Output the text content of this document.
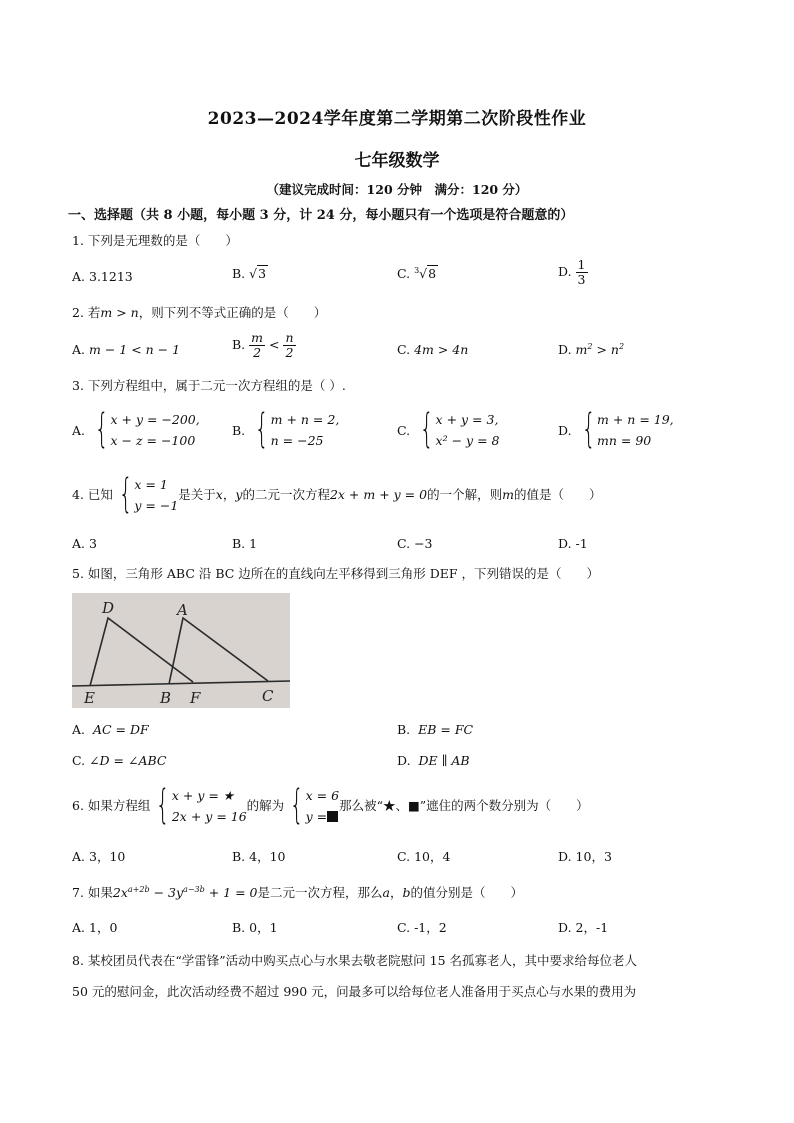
2023—2024学年度第二学期第二次阶段性作业
七年级数学
（建议完成时间：120 分钟　满分：120 分）
一、选择题（共 8 小题，每小题 3 分，计 24 分，每小题只有一个选项是符合题意的）
1. 下列是无理数的是（　　）
A. 3.1213	B. √3	C. $^3$√8	D. $\frac{1}{3}$
2. 若m > n，则下列不等式正确的是（　　）
A. m − 1 < n − 1	B. $\frac{m}{2} < \frac{n}{2}$	C. 4m > 4n	D. $m^2 > n^2$
3. 下列方程组中，属于二元一次方程组的是（ ）.
A. { x + y = −200,
x − z = −100
B. { m + n = 2,
n = −25
C. { x + y = 3,
x² − y = 8
D. { m + n = 19,
mn = 90
4. 已知 { x = 1
y = −1
是关于 x ， y 的二元一次方程 2x + m + y = 0 的一个解，则 m 的值是（　　）
A. 3	B. 1	C. −3	D. -1
5. 如图，三角形 ABC 沿 BC 边所在的直线向左平移得到三角形 DEF ，下列错误的是（　　）
D	A
E	B F	C
A. AC = DF	B. EB = FC
C. ∠D = ∠ABC	D. DE ∥ AB
6. 如果方程组 { x + y = ★
2x + y = 16
的解为 { x = 6
y =
那么被“★、■”遮住的两个数分别为（　　）
A. 3，10	B. 4，10	C. 10，4	D. 10，3
7. 如果$2x^{a+2b} - 3y^{a-3b} + 1 = 0$是二元一次方程，那么a，b的值分别是（　　）
A. 1，0	B. 0，1	C. -1，2	D. 2，-1
8. 某校团员代表在“学雷锋”活动中购买点心与水果去敬老院慰问 15 名孤寡老人，其中要求给每位老人
50 元的慰问金，此次活动经费不超过 990 元，问最多可以给每位老人准备用于买点心与水果的费用为
